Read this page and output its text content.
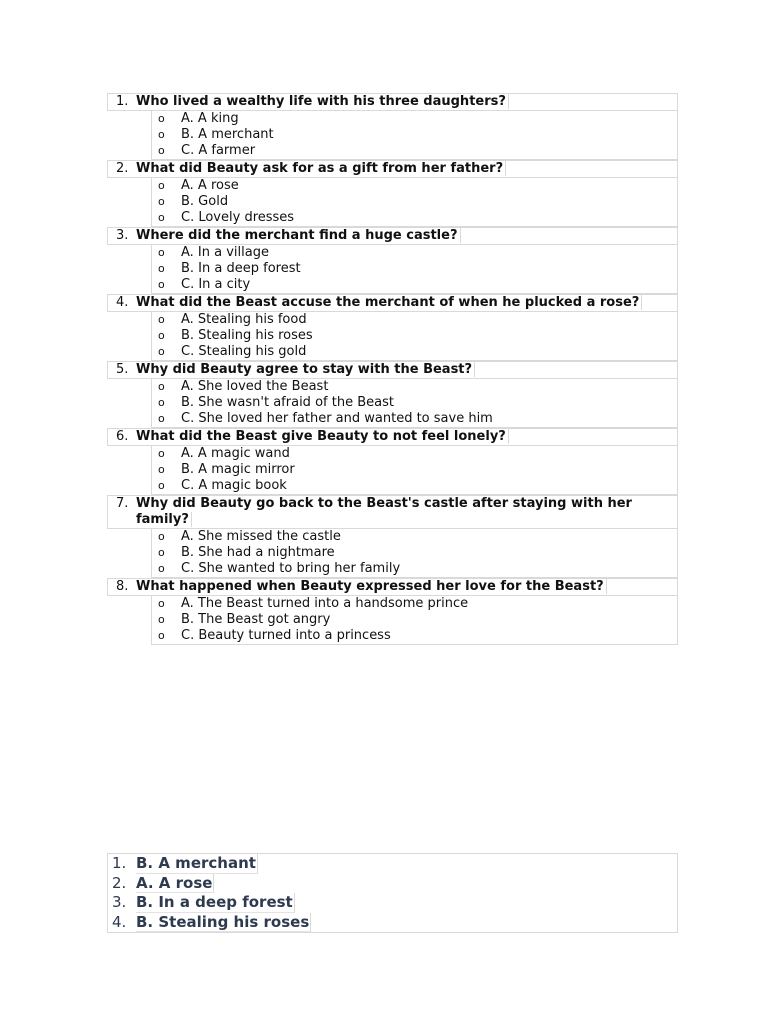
1. Who lived a wealthy life with his three daughters?
o	A. A king
o	B. A merchant
o	C. A farmer
2. What did Beauty ask for as a gift from her father?
o	A. A rose
o	B. Gold
o	C. Lovely dresses
3. Where did the merchant find a huge castle?
o	A. In a village
o	B. In a deep forest
o	C. In a city
4. What did the Beast accuse the merchant of when he plucked a rose?
o	A. Stealing his food
o	B. Stealing his roses
o	C. Stealing his gold
5. Why did Beauty agree to stay with the Beast?
o	A. She loved the Beast
o	B. She wasn't afraid of the Beast
o	C. She loved her father and wanted to save him
6. What did the Beast give Beauty to not feel lonely?
o	A. A magic wand
o	B. A magic mirror
o	C. A magic book
7. Why did Beauty go back to the Beast's castle after staying with her family?
o	A. She missed the castle
o	B. She had a nightmare
o	C. She wanted to bring her family
8. What happened when Beauty expressed her love for the Beast?
o	A. The Beast turned into a handsome prince
o	B. The Beast got angry
o	C. Beauty turned into a princess
1. B. A merchant
2. A. A rose
3. B. In a deep forest
4. B. Stealing his roses
